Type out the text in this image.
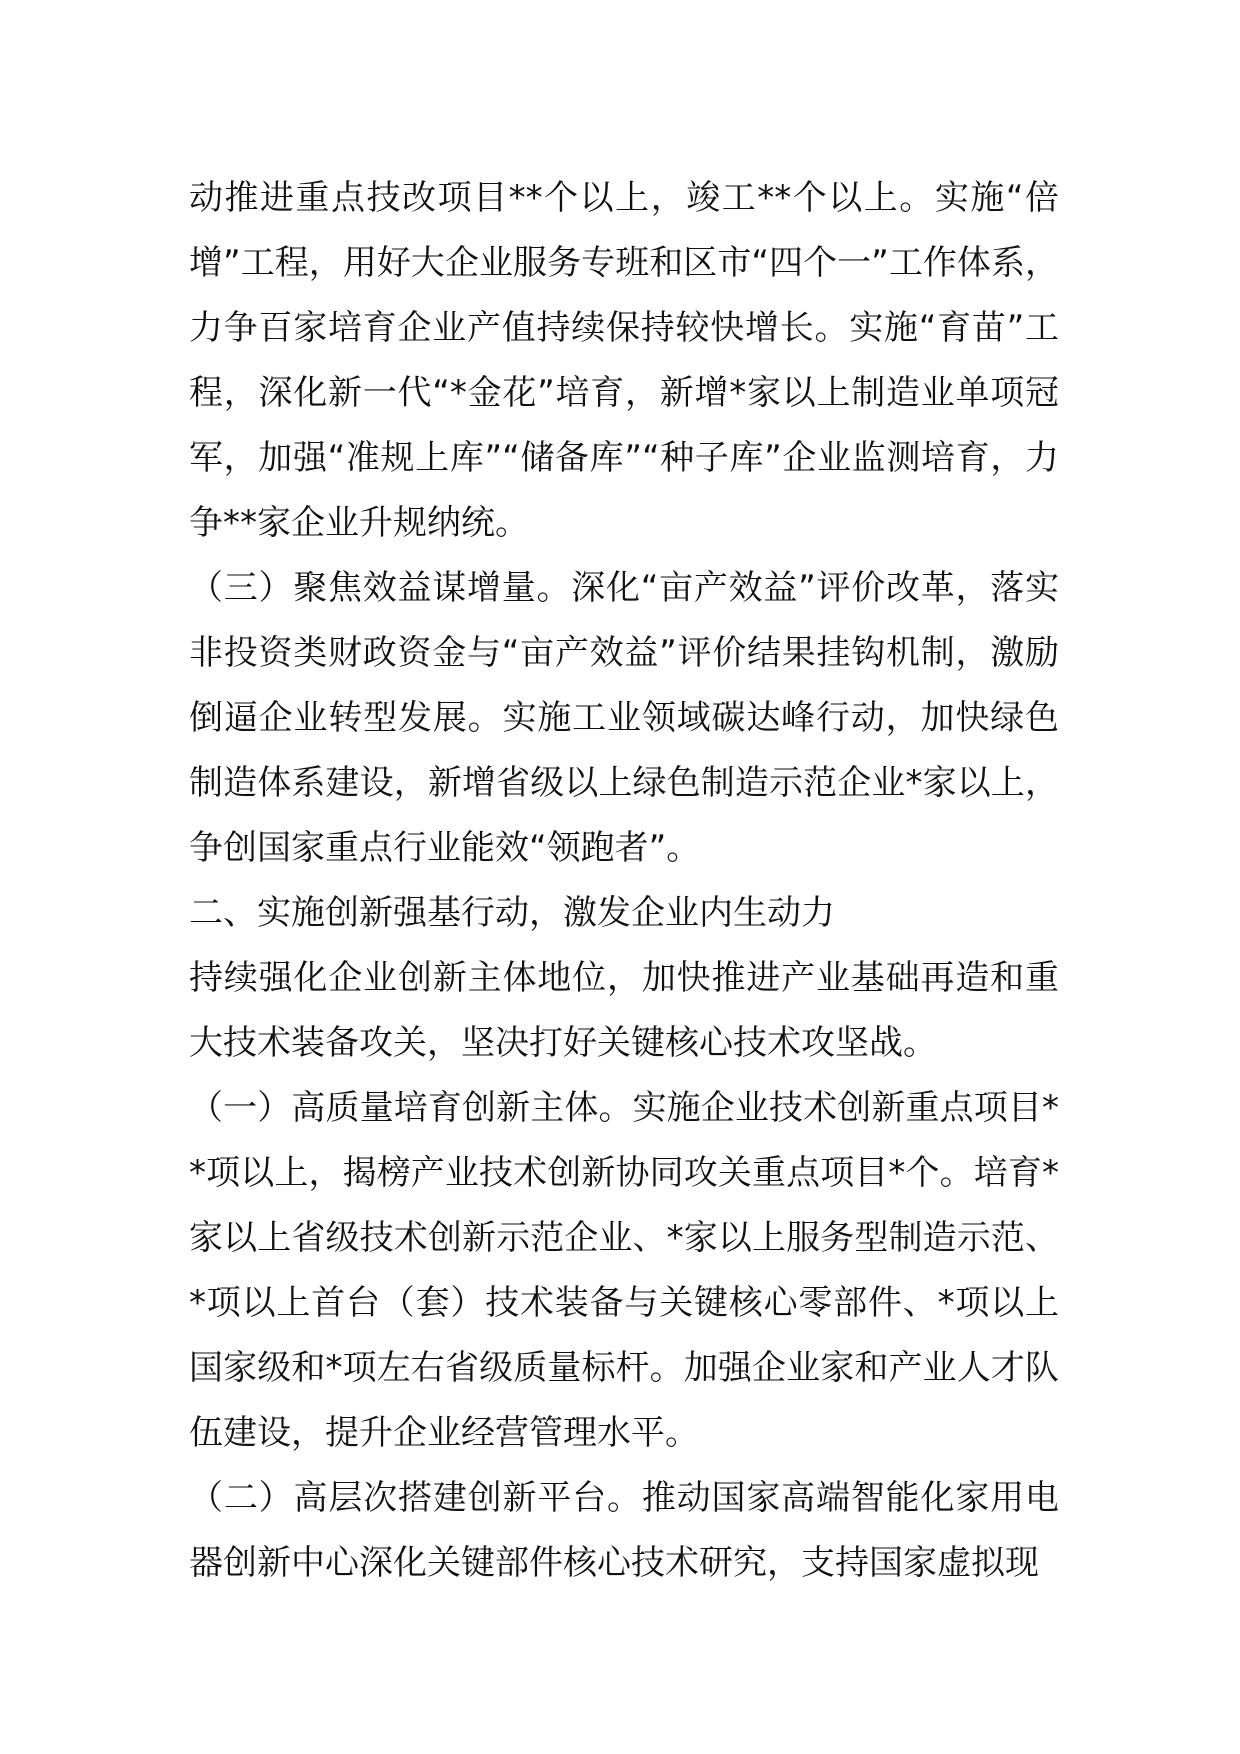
动推进重点技改项目**个以上，竣工**个以上。实施“倍增”工程，用好大企业服务专班和区市“四个一”工作体系，力争百家培育企业产值持续保持较快增长。实施“育苗”工程，深化新一代“*金花”培育，新增*家以上制造业单项冠军，加强“准规上库”“储备库”“种子库”企业监测培育，力争**家企业升规纳统。

（三）聚焦效益谋增量。深化“亩产效益”评价改革，落实非投资类财政资金与“亩产效益”评价结果挂钩机制，激励倒逼企业转型发展。实施工业领域碳达峰行动，加快绿色制造体系建设，新增省级以上绿色制造示范企业*家以上，争创国家重点行业能效“领跑者”。

二、实施创新强基行动，激发企业内生动力

持续强化企业创新主体地位，加快推进产业基础再造和重大技术装备攻关，坚决打好关键核心技术攻坚战。

（一）高质量培育创新主体。实施企业技术创新重点项目**项以上，揭榜产业技术创新协同攻关重点项目*个。培育*家以上省级技术创新示范企业、*家以上服务型制造示范、*项以上首台（套）技术装备与关键核心零部件、*项以上国家级和*项左右省级质量标杆。加强企业家和产业人才队伍建设，提升企业经营管理水平。

（二）高层次搭建创新平台。推动国家高端智能化家用电器创新中心深化关键部件核心技术研究，支持国家虚拟现
